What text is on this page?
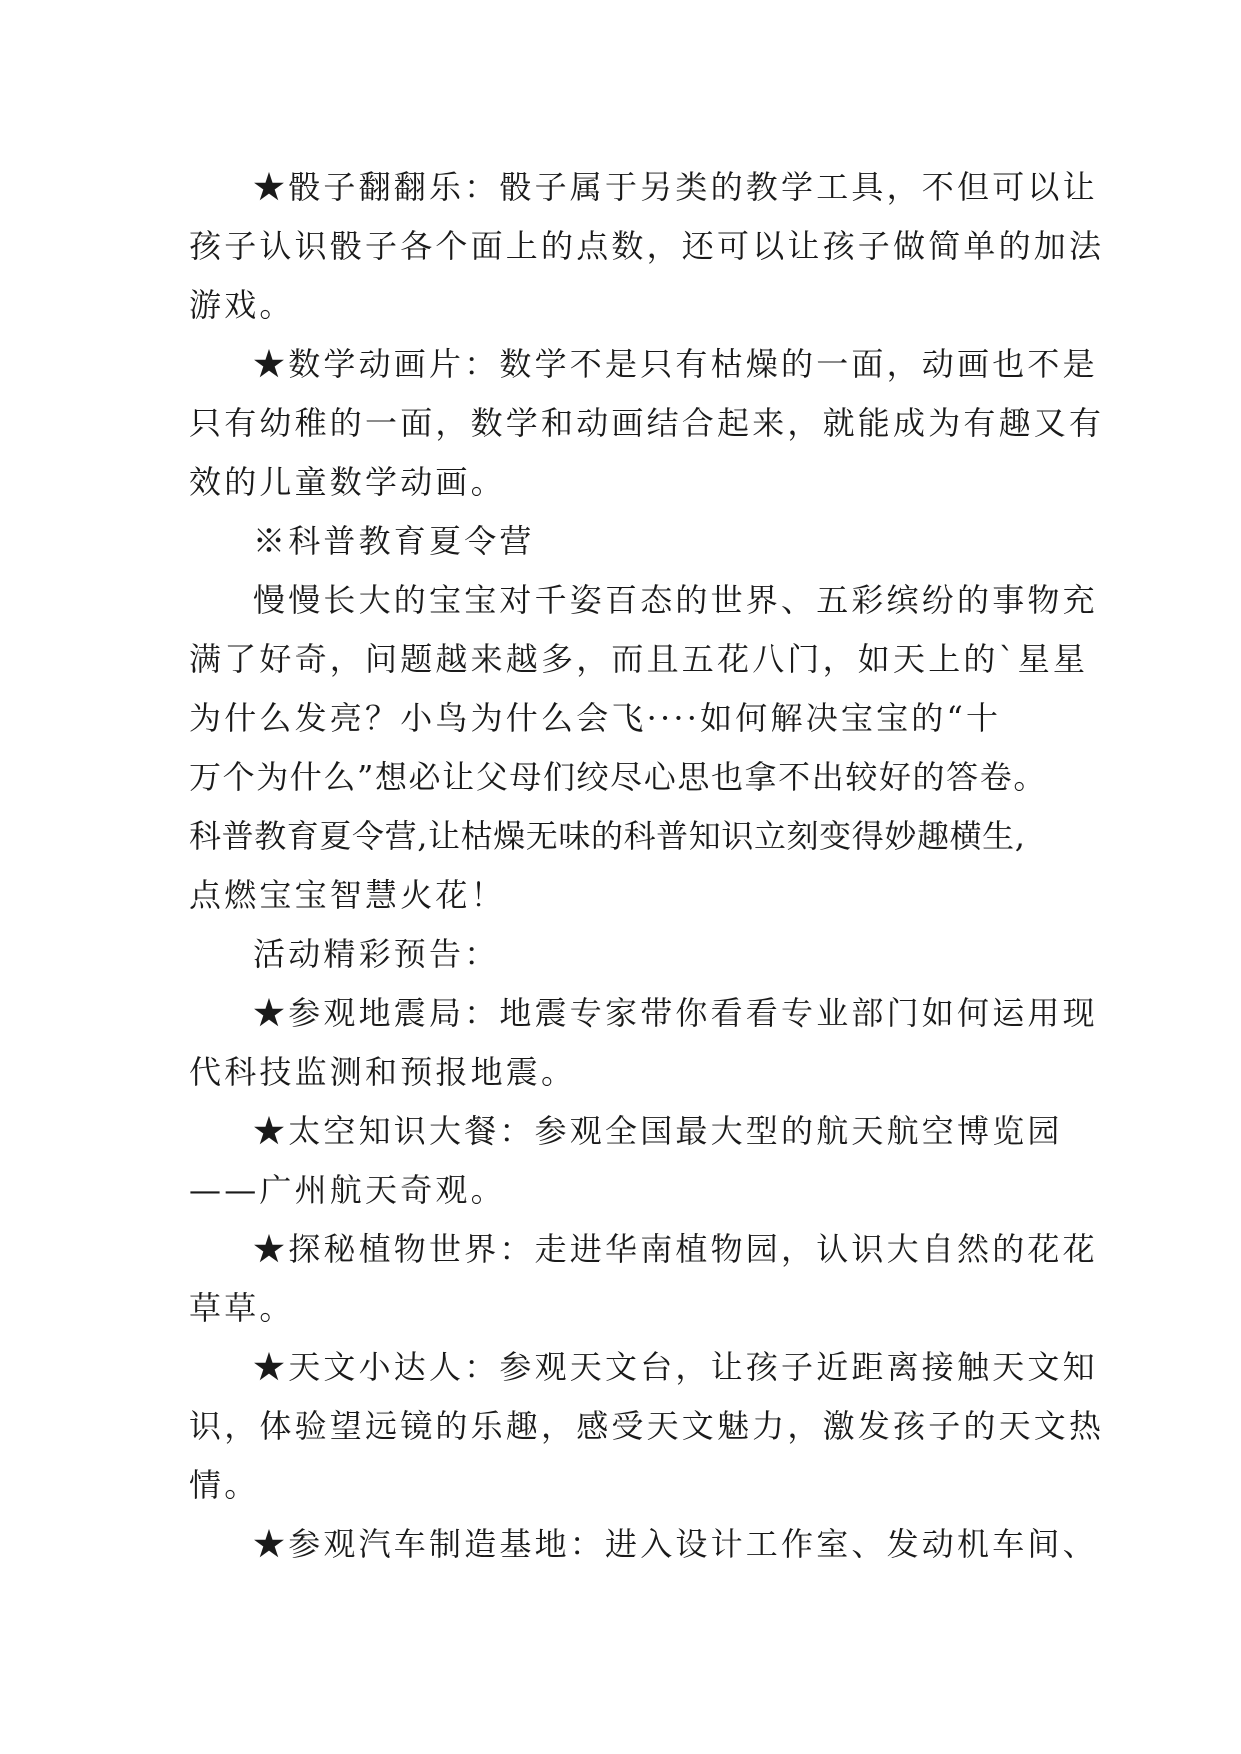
★骰子翻翻乐：骰子属于另类的教学工具，不但可以让
孩子认识骰子各个面上的点数，还可以让孩子做简单的加法
游戏。

★数学动画片：数学不是只有枯燥的一面，动画也不是
只有幼稚的一面，数学和动画结合起来，就能成为有趣又有
效的儿童数学动画。

※科普教育夏令营

慢慢长大的宝宝对千姿百态的世界、五彩缤纷的事物充
满了好奇，问题越来越多，而且五花八门，如天上的`星星
为什么发亮？小鸟为什么会飞····如何解决宝宝的“十
万个为什么”想必让父母们绞尽心思也拿不出较好的答卷。
科普教育夏令营,让枯燥无味的科普知识立刻变得妙趣横生,
点燃宝宝智慧火花！

活动精彩预告：

★参观地震局：地震专家带你看看专业部门如何运用现
代科技监测和预报地震。

★太空知识大餐：参观全国最大型的航天航空博览园
——广州航天奇观。

★探秘植物世界：走进华南植物园，认识大自然的花花
草草。

★天文小达人：参观天文台，让孩子近距离接触天文知
识，体验望远镜的乐趣，感受天文魅力，激发孩子的天文热
情。

★参观汽车制造基地：进入设计工作室、发动机车间、
